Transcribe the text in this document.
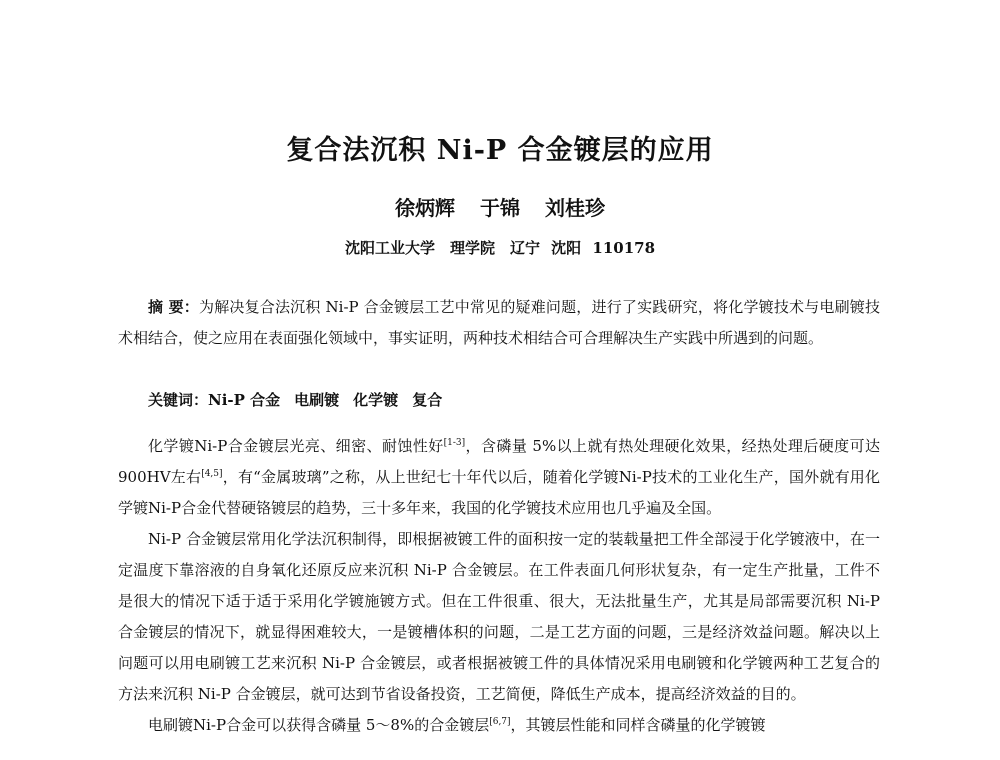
复合法沉积 Ni-P 合金镀层的应用
徐炳辉 于锦 刘桂珍
沈阳工业大学　理学院　辽宁 沈阳 110178
摘 要：为解决复合法沉积 Ni-P 合金镀层工艺中常见的疑难问题，进行了实践研究，将化学镀技术与电刷镀技术相结合，使之应用在表面强化领域中，事实证明，两种技术相结合可合理解决生产实践中所遇到的问题。
关键词：Ni-P 合金 电刷镀 化学镀 复合

化学镀Ni-P合金镀层光亮、细密、耐蚀性好[1-3]，含磷量 5%以上就有热处理硬化效果，经热处理后硬度可达 900HV左右[4,5]，有“金属玻璃”之称，从上世纪七十年代以后，随着化学镀Ni-P技术的工业化生产，国外就有用化学镀Ni-P合金代替硬铬镀层的趋势，三十多年来，我国的化学镀技术应用也几乎遍及全国。

Ni-P 合金镀层常用化学法沉积制得，即根据被镀工件的面积按一定的装载量把工件全部浸于化学镀液中，在一定温度下靠溶液的自身氧化还原反应来沉积 Ni-P 合金镀层。在工件表面几何形状复杂，有一定生产批量，工件不是很大的情况下适于适于采用化学镀施镀方式。但在工件很重、很大，无法批量生产，尤其是局部需要沉积 Ni-P 合金镀层的情况下，就显得困难较大，一是镀槽体积的问题，二是工艺方面的问题，三是经济效益问题。解决以上问题可以用电刷镀工艺来沉积 Ni-P 合金镀层，或者根据被镀工件的具体情况采用电刷镀和化学镀两种工艺复合的方法来沉积 Ni-P 合金镀层，就可达到节省设备投资，工艺简便，降低生产成本，提高经济效益的目的。

电刷镀Ni-P合金可以获得含磷量 5～8%的合金镀层[6,7]，其镀层性能和同样含磷量的化学镀镀
